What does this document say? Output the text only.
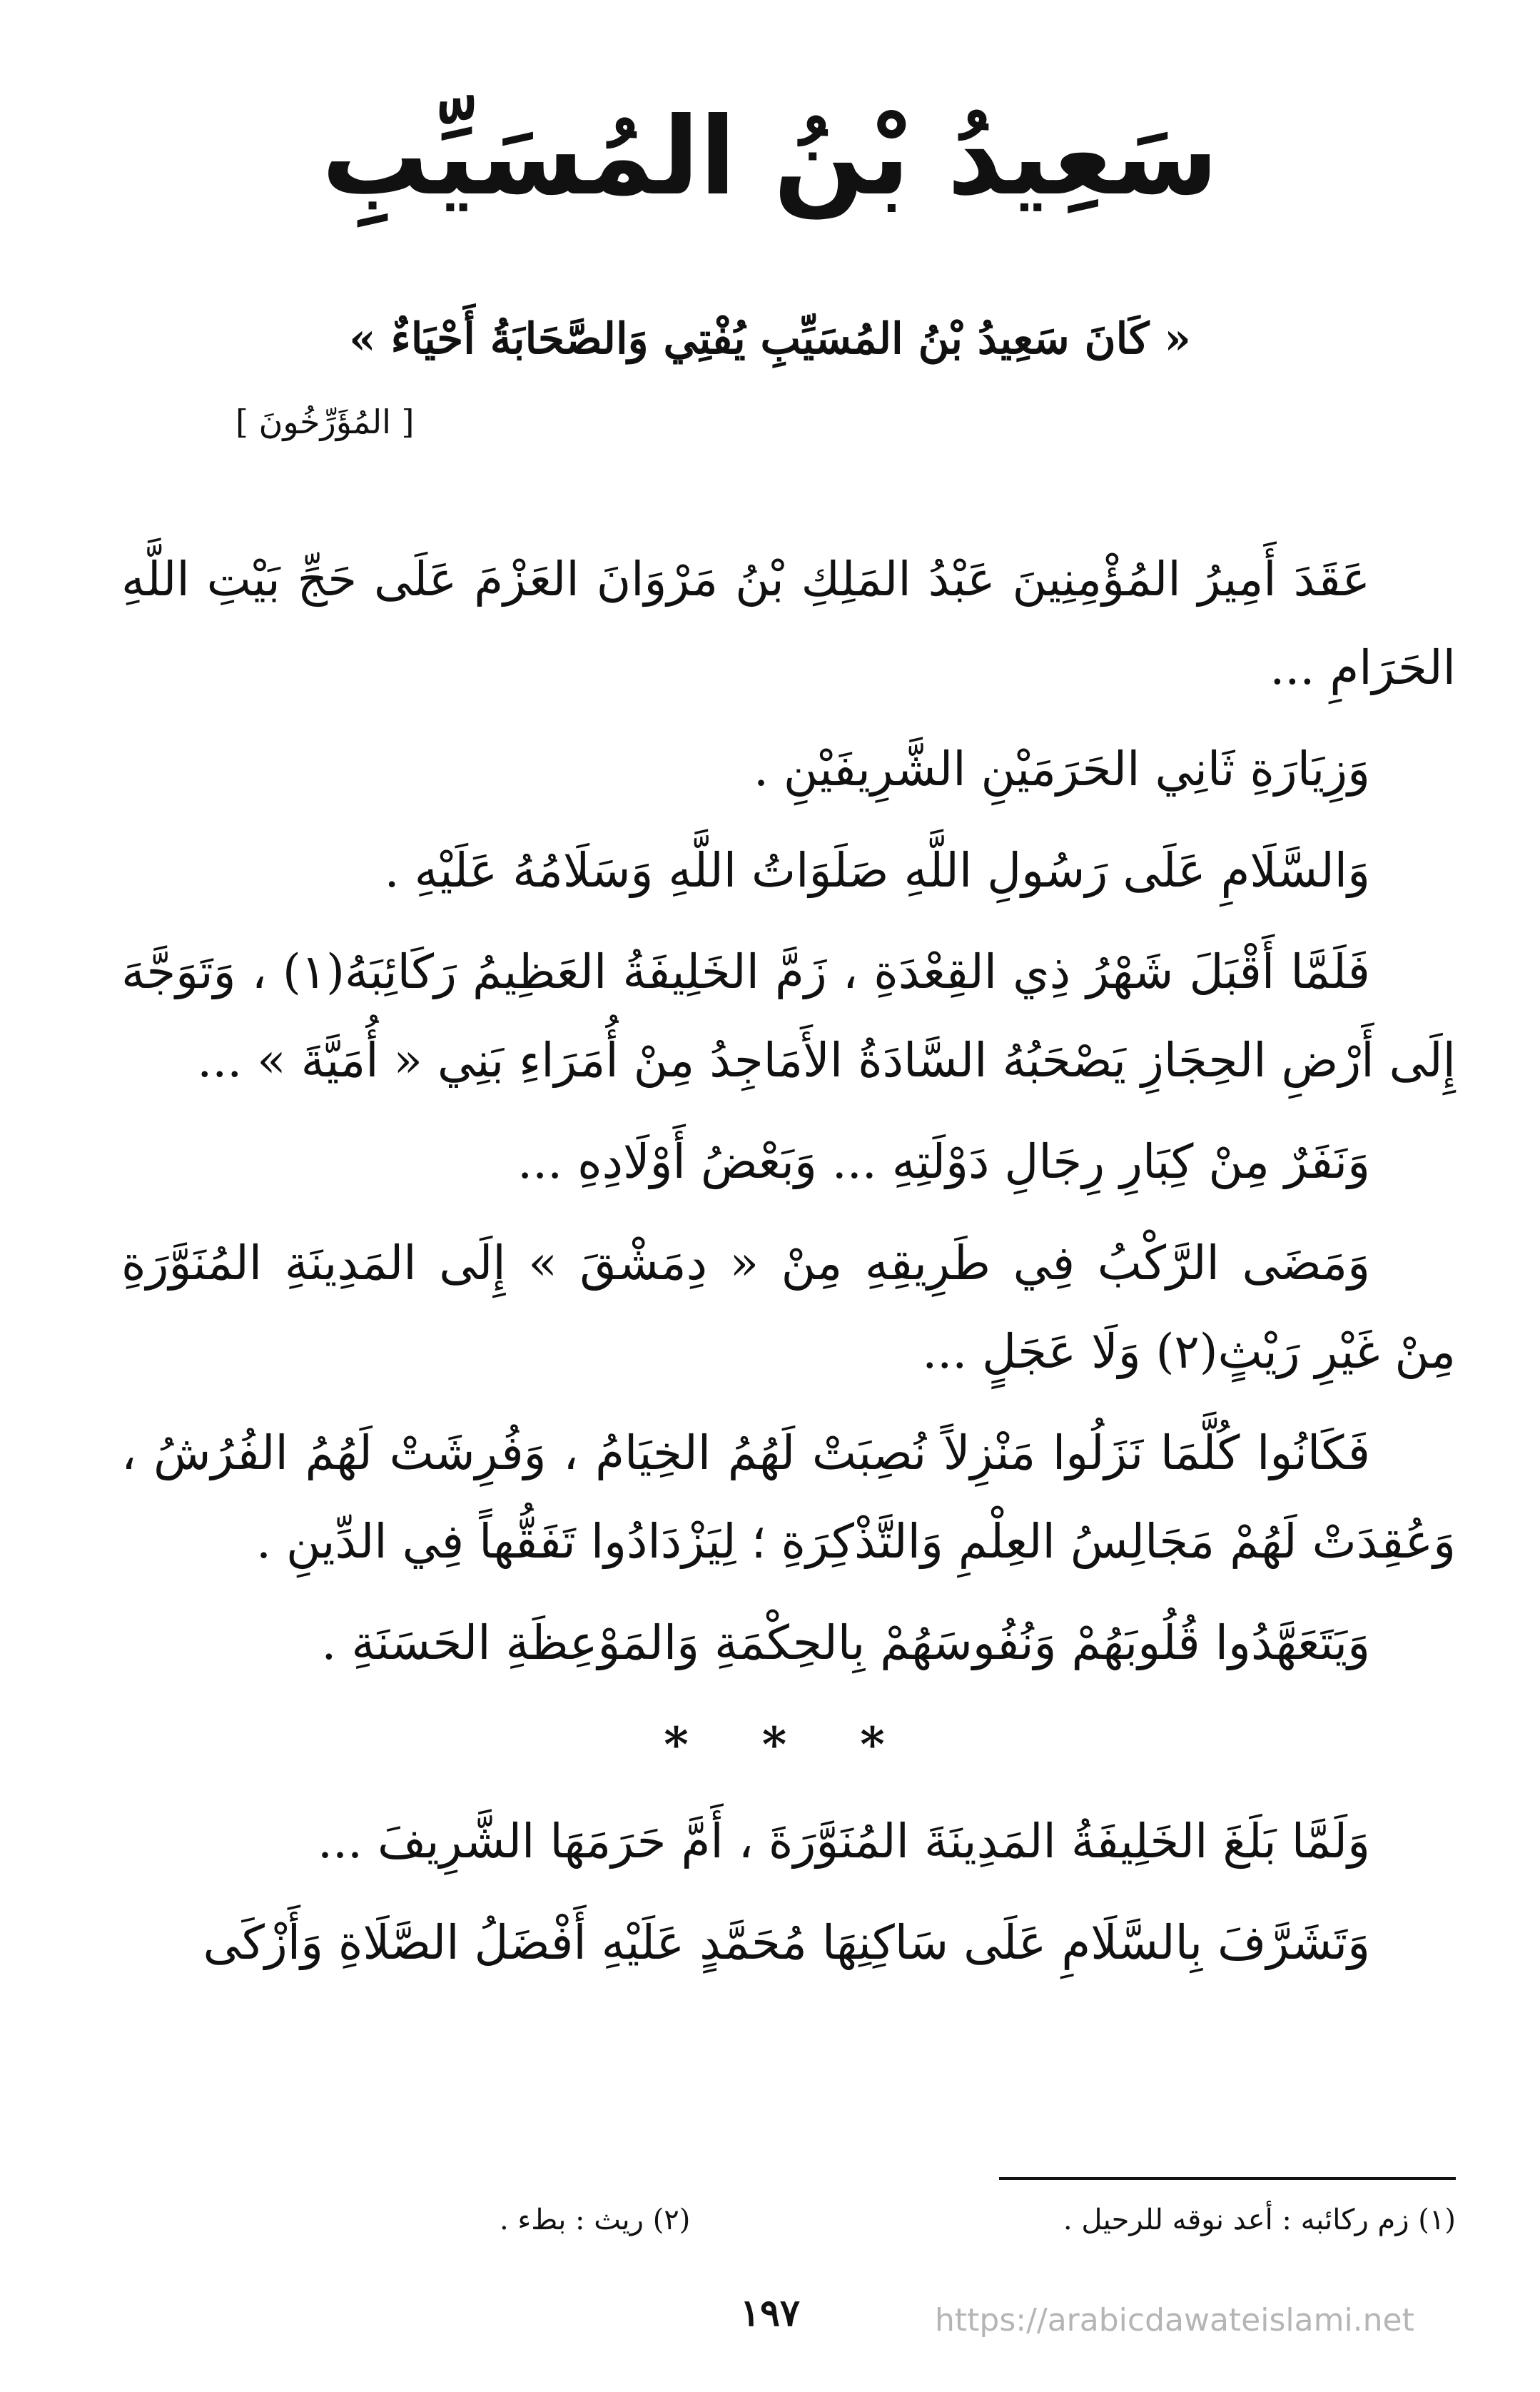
سَعِيدُ بْنُ المُسَيِّبِ
« كَانَ سَعِيدُ بْنُ المُسَيِّبِ يُفْتِي وَالصَّحَابَةُ أَحْيَاءٌ »
[ المُؤَرِّخُونَ ]

عَقَدَ أَمِيرُ المُؤْمِنِينَ عَبْدُ المَلِكِ بْنُ مَرْوَانَ العَزْمَ عَلَى حَجِّ بَيْتِ اللَّهِ الحَرَامِ ...

وَزِيَارَةِ ثَانِي الحَرَمَيْنِ الشَّرِيفَيْنِ .

وَالسَّلَامِ عَلَى رَسُولِ اللَّهِ صَلَوَاتُ اللَّهِ وَسَلَامُهُ عَلَيْهِ .

فَلَمَّا أَقْبَلَ شَهْرُ ذِي القِعْدَةِ ، زَمَّ الخَلِيفَةُ العَظِيمُ رَكَائِبَهُ(١) ، وَتَوَجَّهَ إِلَى أَرْضِ الحِجَازِ يَصْحَبُهُ السَّادَةُ الأَمَاجِدُ مِنْ أُمَرَاءِ بَنِي « أُمَيَّةَ » ...

وَنَفَرٌ مِنْ كِبَارِ رِجَالِ دَوْلَتِهِ ... وَبَعْضُ أَوْلَادِهِ ...

وَمَضَى الرَّكْبُ فِي طَرِيقِهِ مِنْ « دِمَشْقَ » إِلَى المَدِينَةِ المُنَوَّرَةِ مِنْ غَيْرِ رَيْثٍ(٢) وَلَا عَجَلٍ ...

فَكَانُوا كُلَّمَا نَزَلُوا مَنْزِلاً نُصِبَتْ لَهُمُ الخِيَامُ ، وَفُرِشَتْ لَهُمُ الفُرُشُ ، وَعُقِدَتْ لَهُمْ مَجَالِسُ العِلْمِ وَالتَّذْكِرَةِ ؛ لِيَزْدَادُوا تَفَقُّهاً فِي الدِّينِ .

وَيَتَعَهَّدُوا قُلُوبَهُمْ وَنُفُوسَهُمْ بِالحِكْمَةِ وَالمَوْعِظَةِ الحَسَنَةِ .

* * *

وَلَمَّا بَلَغَ الخَلِيفَةُ المَدِينَةَ المُنَوَّرَةَ ، أَمَّ حَرَمَهَا الشَّرِيفَ ...

وَتَشَرَّفَ بِالسَّلَامِ عَلَى سَاكِنِهَا مُحَمَّدٍ عَلَيْهِ أَفْضَلُ الصَّلَاةِ وَأَزْكَى

(١) زم ركائبه : أعد نوقه للرحيل .
(٢) ريث : بطء .
١٩٧	https://arabicdawateislami.net
